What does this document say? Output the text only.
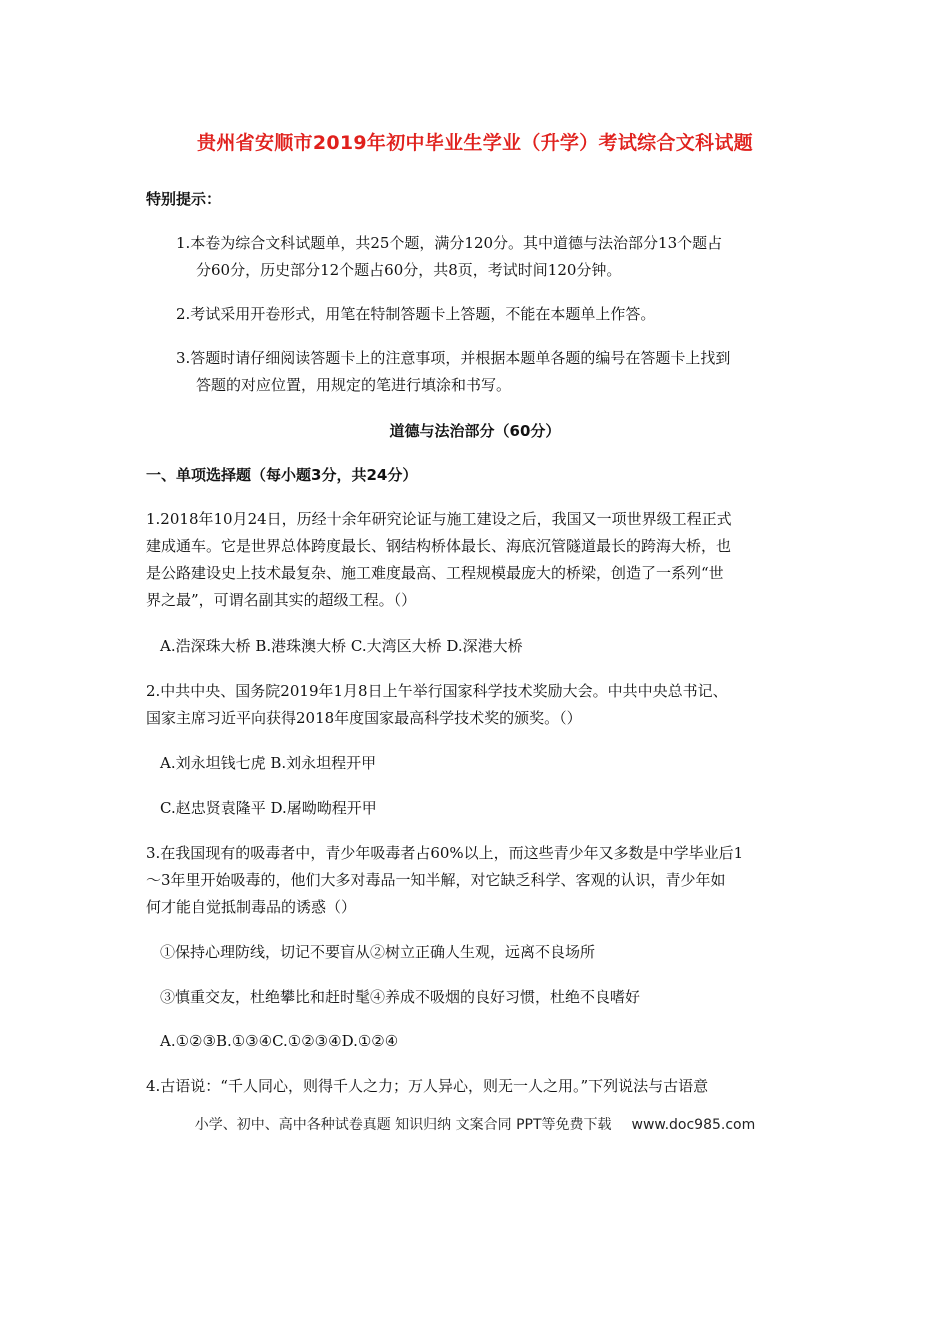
贵州省安顺市2019年初中毕业生学业（升学）考试综合文科试题
特别提示：
1.本卷为综合文科试题单，共25个题，满分120分。其中道德与法治部分13个题占
分60分，历史部分12个题占60分，共8页，考试时间120分钟。
2.考试采用开卷形式，用笔在特制答题卡上答题，不能在本题单上作答。
3.答题时请仔细阅读答题卡上的注意事项，并根据本题单各题的编号在答题卡上找到
答题的对应位置，用规定的笔进行填涂和书写。
道德与法治部分（60分）
一、单项选择题（每小题3分，共24分）
1.2018年10月24日，历经十余年研究论证与施工建设之后，我国又一项世界级工程正式
建成通车。它是世界总体跨度最长、钢结构桥体最长、海底沉管隧道最长的跨海大桥，也
是公路建设史上技术最复杂、施工难度最高、工程规模最庞大的桥梁，创造了一系列“世
界之最”，可谓名副其实的超级工程。（）
A.浩深珠大桥 B.港珠澳大桥 C.大湾区大桥 D.深港大桥
2.中共中央、国务院2019年1月8日上午举行国家科学技术奖励大会。中共中央总书记、
国家主席习近平向获得2018年度国家最高科学技术奖的颁奖。（）
A.刘永坦钱七虎 B.刘永坦程开甲
C.赵忠贤袁隆平 D.屠呦呦程开甲
3.在我国现有的吸毒者中，青少年吸毒者占60%以上，而这些青少年又多数是中学毕业后1
～3年里开始吸毒的，他们大多对毒品一知半解，对它缺乏科学、客观的认识，青少年如
何才能自觉抵制毒品的诱惑（）
①保持心理防线，切记不要盲从②树立正确人生观，远离不良场所
③慎重交友，杜绝攀比和赶时髦④养成不吸烟的良好习惯，杜绝不良嗜好
A.①②③B.①③④C.①②③④D.①②④
4.古语说：“千人同心，则得千人之力；万人异心，则无一人之用。”下列说法与古语意
小学、初中、高中各种试卷真题 知识归纳 文案合同 PPT等免费下载 www.doc985.com
